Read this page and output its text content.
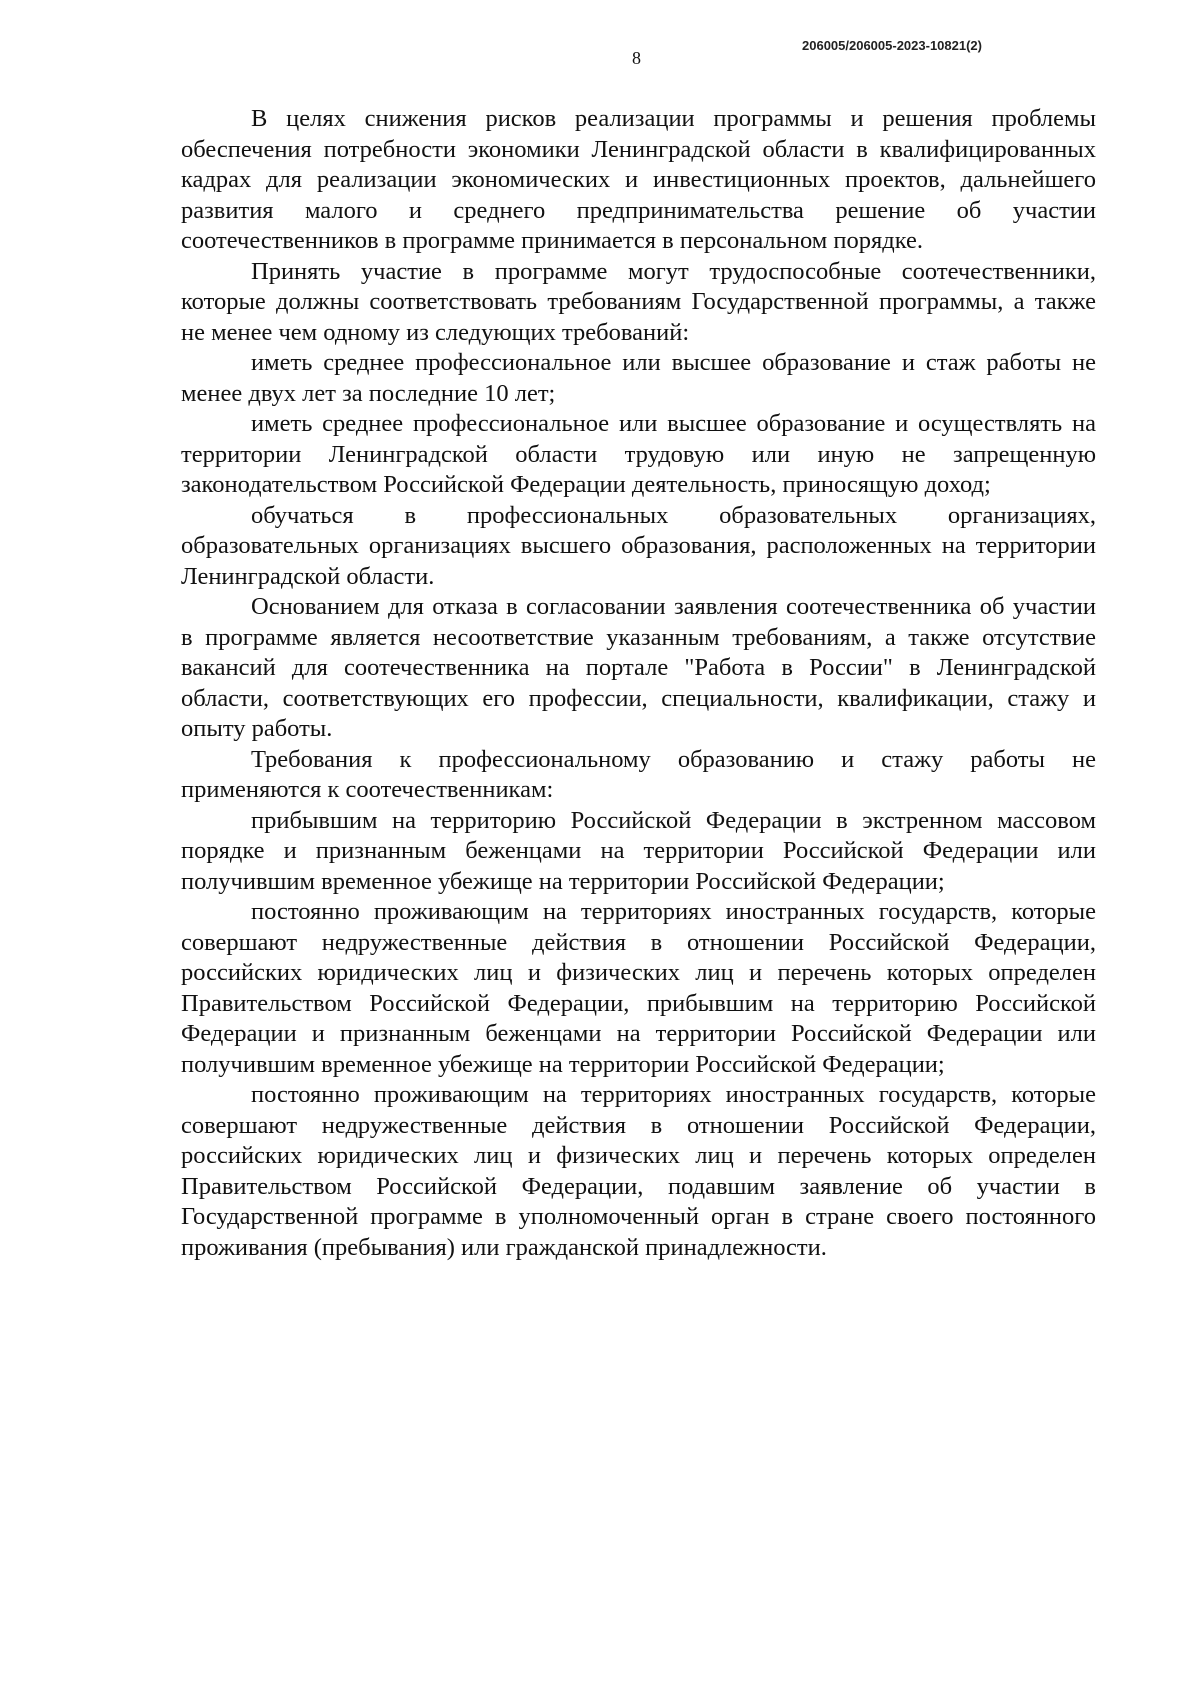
206005/206005-2023-10821(2)
8

В целях снижения рисков реализации программы и решения проблемы обеспечения потребности экономики Ленинградской области в квалифицированных кадрах для реализации экономических и инвестиционных проектов, дальнейшего развития малого и среднего предпринимательства решение об участии соотечественников в программе принимается в персональном порядке.

Принять участие в программе могут трудоспособные соотечественники, которые должны соответствовать требованиям Государственной программы, а также не менее чем одному из следующих требований:

иметь среднее профессиональное или высшее образование и стаж работы не менее двух лет за последние 10 лет;

иметь среднее профессиональное или высшее образование и осуществлять на территории Ленинградской области трудовую или иную не запрещенную законодательством Российской Федерации деятельность, приносящую доход;

обучаться в профессиональных образовательных организациях, образовательных организациях высшего образования, расположенных на территории Ленинградской области.

Основанием для отказа в согласовании заявления соотечественника об участии в программе является несоответствие указанным требованиям, а также отсутствие вакансий для соотечественника на портале "Работа в России" в Ленинградской области, соответствующих его профессии, специальности, квалификации, стажу и опыту работы.

Требования к профессиональному образованию и стажу работы не применяются к соотечественникам:

прибывшим на территорию Российской Федерации в экстренном массовом порядке и признанным беженцами на территории Российской Федерации или получившим временное убежище на территории Российской Федерации;

постоянно проживающим на территориях иностранных государств, которые совершают недружественные действия в отношении Российской Федерации, российских юридических лиц и физических лиц и перечень которых определен Правительством Российской Федерации, прибывшим на территорию Российской Федерации и признанным беженцами на территории Российской Федерации или получившим временное убежище на территории Российской Федерации;

постоянно проживающим на территориях иностранных государств, которые совершают недружественные действия в отношении Российской Федерации, российских юридических лиц и физических лиц и перечень которых определен Правительством Российской Федерации, подавшим заявление об участии в Государственной программе в уполномоченный орган в стране своего постоянного проживания (пребывания) или гражданской принадлежности.
